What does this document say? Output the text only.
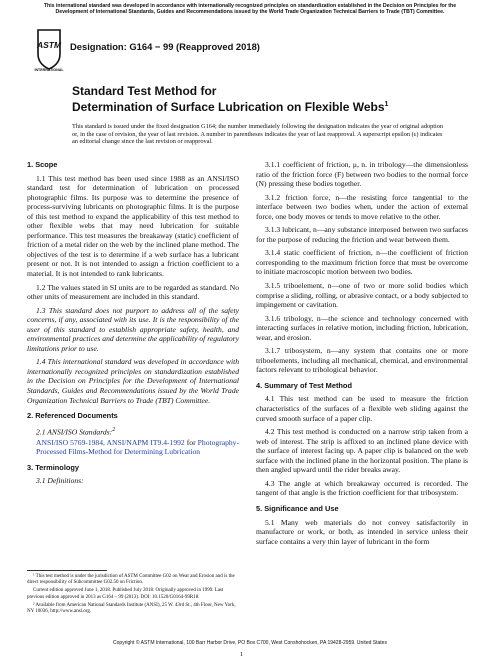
This international standard was developed in accordance with internationally recognized principles on standardization established in the Decision on Principles for the Development of International Standards, Guides and Recommendations issued by the World Trade Organization Technical Barriers to Trade (TBT) Committee.
ASTM
INTERNATIONAL
Designation: G164 − 99 (Reapproved 2018)
Standard Test Method for
Determination of Surface Lubrication on Flexible Webs$^1$
This standard is issued under the fixed designation G164; the number immediately following the designation indicates the year of original adoption or, in the case of revision, the year of last revision. A number in parentheses indicates the year of last reapproval. A superscript epsilon (ε) indicates an editorial change since the last revision or reapproval.
1. Scope
1.1 This test method has been used since 1988 as an ANSI/ISO standard test for determination of lubrication on processed photographic films. Its purpose was to determine the presence of process-surviving lubricants on photographic films. It is the purpose of this test method to expand the applicability of this test method to other flexible webs that may need lubrication for suitable performance. This test measures the breakaway (static) coefficient of friction of a metal rider on the web by the inclined plane method. The objectives of the test is to determine if a web surface has a lubricant present or not. It is not intended to assign a friction coefficient to a material. It is not intended to rank lubricants.
1.2 The values stated in SI units are to be regarded as standard. No other units of measurement are included in this standard.
1.3 This standard does not purport to address all of the safety concerns, if any, associated with its use. It is the responsibility of the user of this standard to establish appropriate safety, health, and environmental practices and determine the applicability of regulatory limitations prior to use.
1.4 This international standard was developed in accordance with internationally recognized principles on standardization established in the Decision on Principles for the Development of International Standards, Guides and Recommendations issued by the World Trade Organization Technical Barriers to Trade (TBT) Committee.
2. Referenced Documents
2.1 ANSI/ISO Standards:$^2$
ANSI/ISO 5769-1984, ANSI/NAPM IT9.4-1992 for Photography-Processed Films-Method for Determining Lubrication
3. Terminology
3.1 Definitions:
¹ This test method is under the jurisdiction of ASTM Committee G02 on Wear and Erosion and is the direct responsibility of Subcommittee G02.50 on Friction.
Current edition approved June 1, 2018. Published July 2018. Originally approved in 1999. Last previous edition approved in 2013 as G164 – 99 (2013). DOI: 10.1520/G0164-99R18.
² Available from American National Standards Institute (ANSI), 25 W. 43rd St., 4th Floor, New York, NY 10036, http://www.ansi.org.
3.1.1 coefficient of friction, μ, n. in tribology—the dimensionless ratio of the friction force (F) between two bodies to the normal force (N) pressing these bodies together.
3.1.2 friction force, n—the resisting force tangential to the interface between two bodies when, under the action of external force, one body moves or tends to move relative to the other.
3.1.3 lubricant, n—any substance interposed between two surfaces for the purpose of reducing the friction and wear between them.
3.1.4 static coefficient of friction, n—the coefficient of friction corresponding to the maximum friction force that must be overcome to initiate macroscopic motion between two bodies.
3.1.5 triboelement, n—one of two or more solid bodies which comprise a sliding, rolling, or abrasive contact, or a body subjected to impingement or cavitation.
3.1.6 tribology, n—the science and technology concerned with interacting surfaces in relative motion, including friction, lubrication, wear, and erosion.
3.1.7 tribosystem, n—any system that contains one or more triboelements, including all mechanical, chemical, and environmental factors relevant to tribological behavior.
4. Summary of Test Method
4.1 This test method can be used to measure the friction characteristics of the surfaces of a flexible web sliding against the curved smooth surface of a paper clip.
4.2 This test method is conducted on a narrow strip taken from a web of interest. The strip is affixed to an inclined plane device with the surface of interest facing up. A paper clip is balanced on the web surface with the inclined plane in the horizontal position. The plane is then angled upward until the rider breaks away.
4.3 The angle at which breakaway occurred is recorded. The tangent of that angle is the friction coefficient for that tribosystem.
5. Significance and Use
5.1 Many web materials do not convey satisfactorily in manufacture or work, or both, as intended in service unless their surface contains a very thin layer of lubricant in the form
Copyright © ASTM International, 100 Barr Harbor Drive, PO Box C700, West Conshohocken, PA 19428-2959. United States
1
